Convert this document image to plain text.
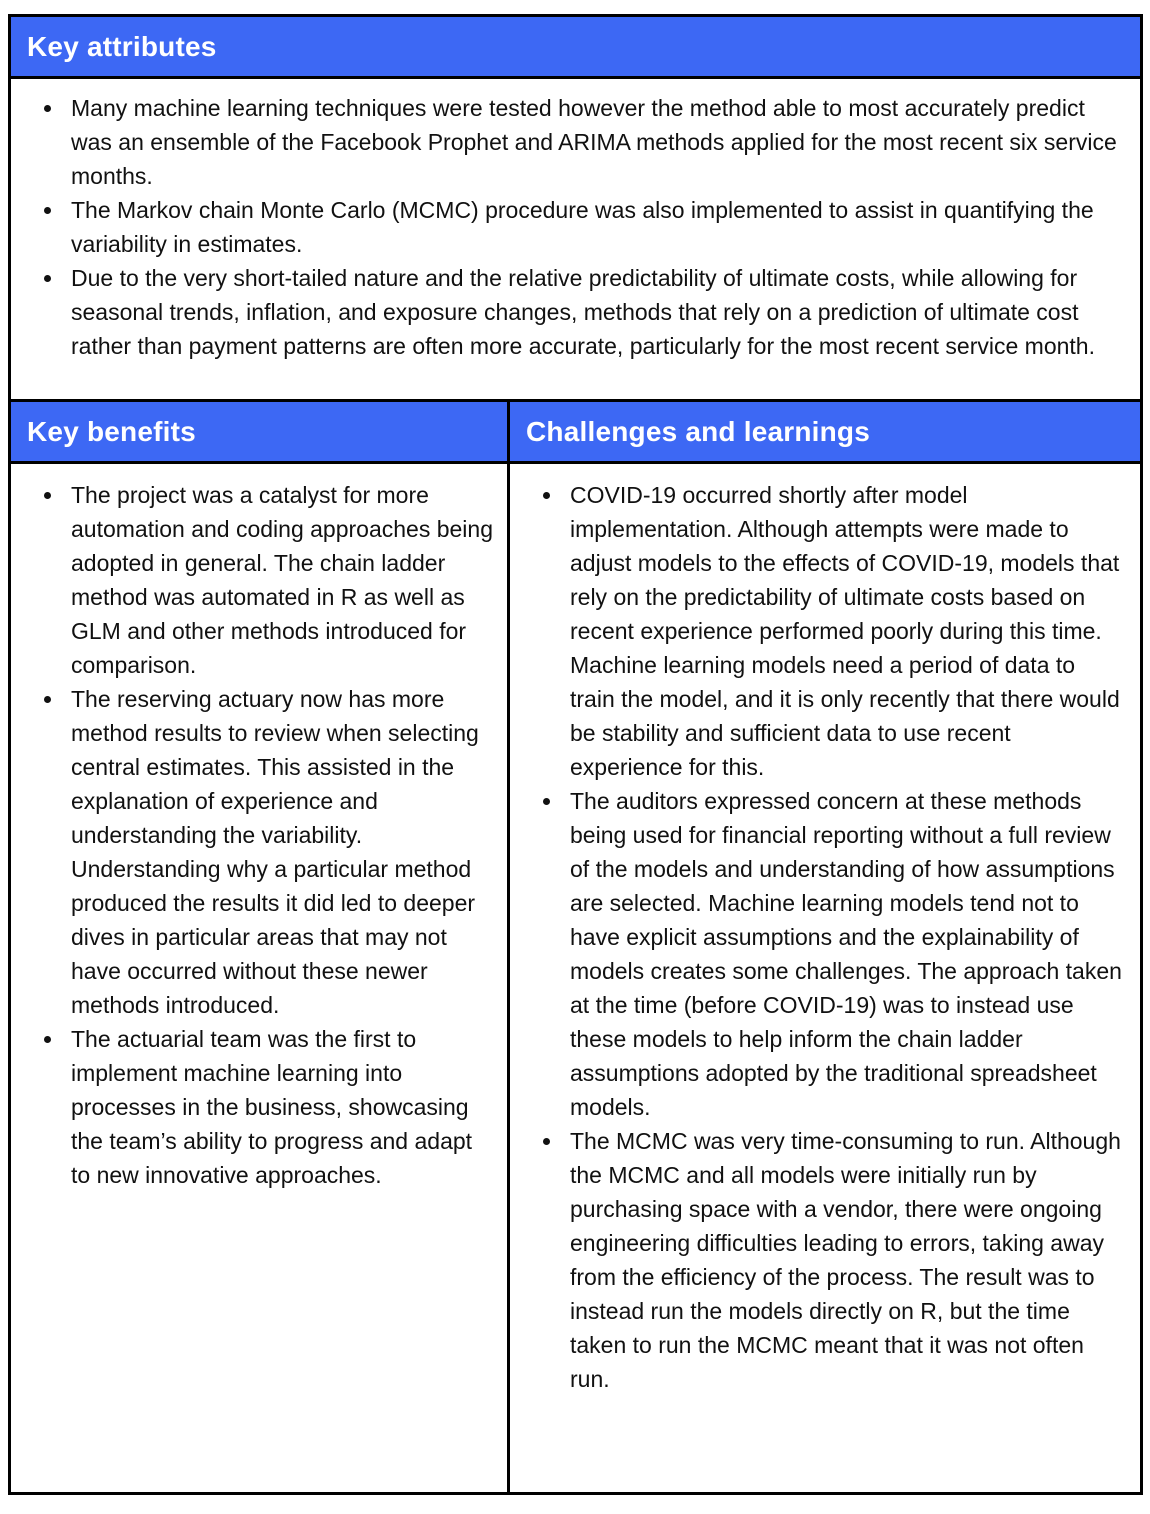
Key attributes
• Many machine learning techniques were tested however the method able to most accurately predict was an ensemble of the Facebook Prophet and ARIMA methods applied for the most recent six service months.
• The Markov chain Monte Carlo (MCMC) procedure was also implemented to assist in quantifying the variability in estimates.
• Due to the very short-tailed nature and the relative predictability of ultimate costs, while allowing for seasonal trends, inflation, and exposure changes, methods that rely on a prediction of ultimate cost rather than payment patterns are often more accurate, particularly for the most recent service month.
Key benefits	Challenges and learnings
• The project was a catalyst for more automation and coding approaches being adopted in general. The chain ladder method was automated in R as well as GLM and other methods introduced for comparison.
• The reserving actuary now has more method results to review when selecting central estimates. This assisted in the explanation of experience and understanding the variability. Understanding why a particular method produced the results it did led to deeper dives in particular areas that may not have occurred without these newer methods introduced.
• The actuarial team was the first to implement machine learning into processes in the business, showcasing the team’s ability to progress and adapt to new innovative approaches.
• COVID-19 occurred shortly after model implementation. Although attempts were made to adjust models to the effects of COVID-19, models that rely on the predictability of ultimate costs based on recent experience performed poorly during this time. Machine learning models need a period of data to train the model, and it is only recently that there would be stability and sufficient data to use recent experience for this.
• The auditors expressed concern at these methods being used for financial reporting without a full review of the models and understanding of how assumptions are selected. Machine learning models tend not to have explicit assumptions and the explainability of models creates some challenges. The approach taken at the time (before COVID-19) was to instead use these models to help inform the chain ladder assumptions adopted by the traditional spreadsheet models.
• The MCMC was very time-consuming to run. Although the MCMC and all models were initially run by purchasing space with a vendor, there were ongoing engineering difficulties leading to errors, taking away from the efficiency of the process. The result was to instead run the models directly on R, but the time taken to run the MCMC meant that it was not often run.
